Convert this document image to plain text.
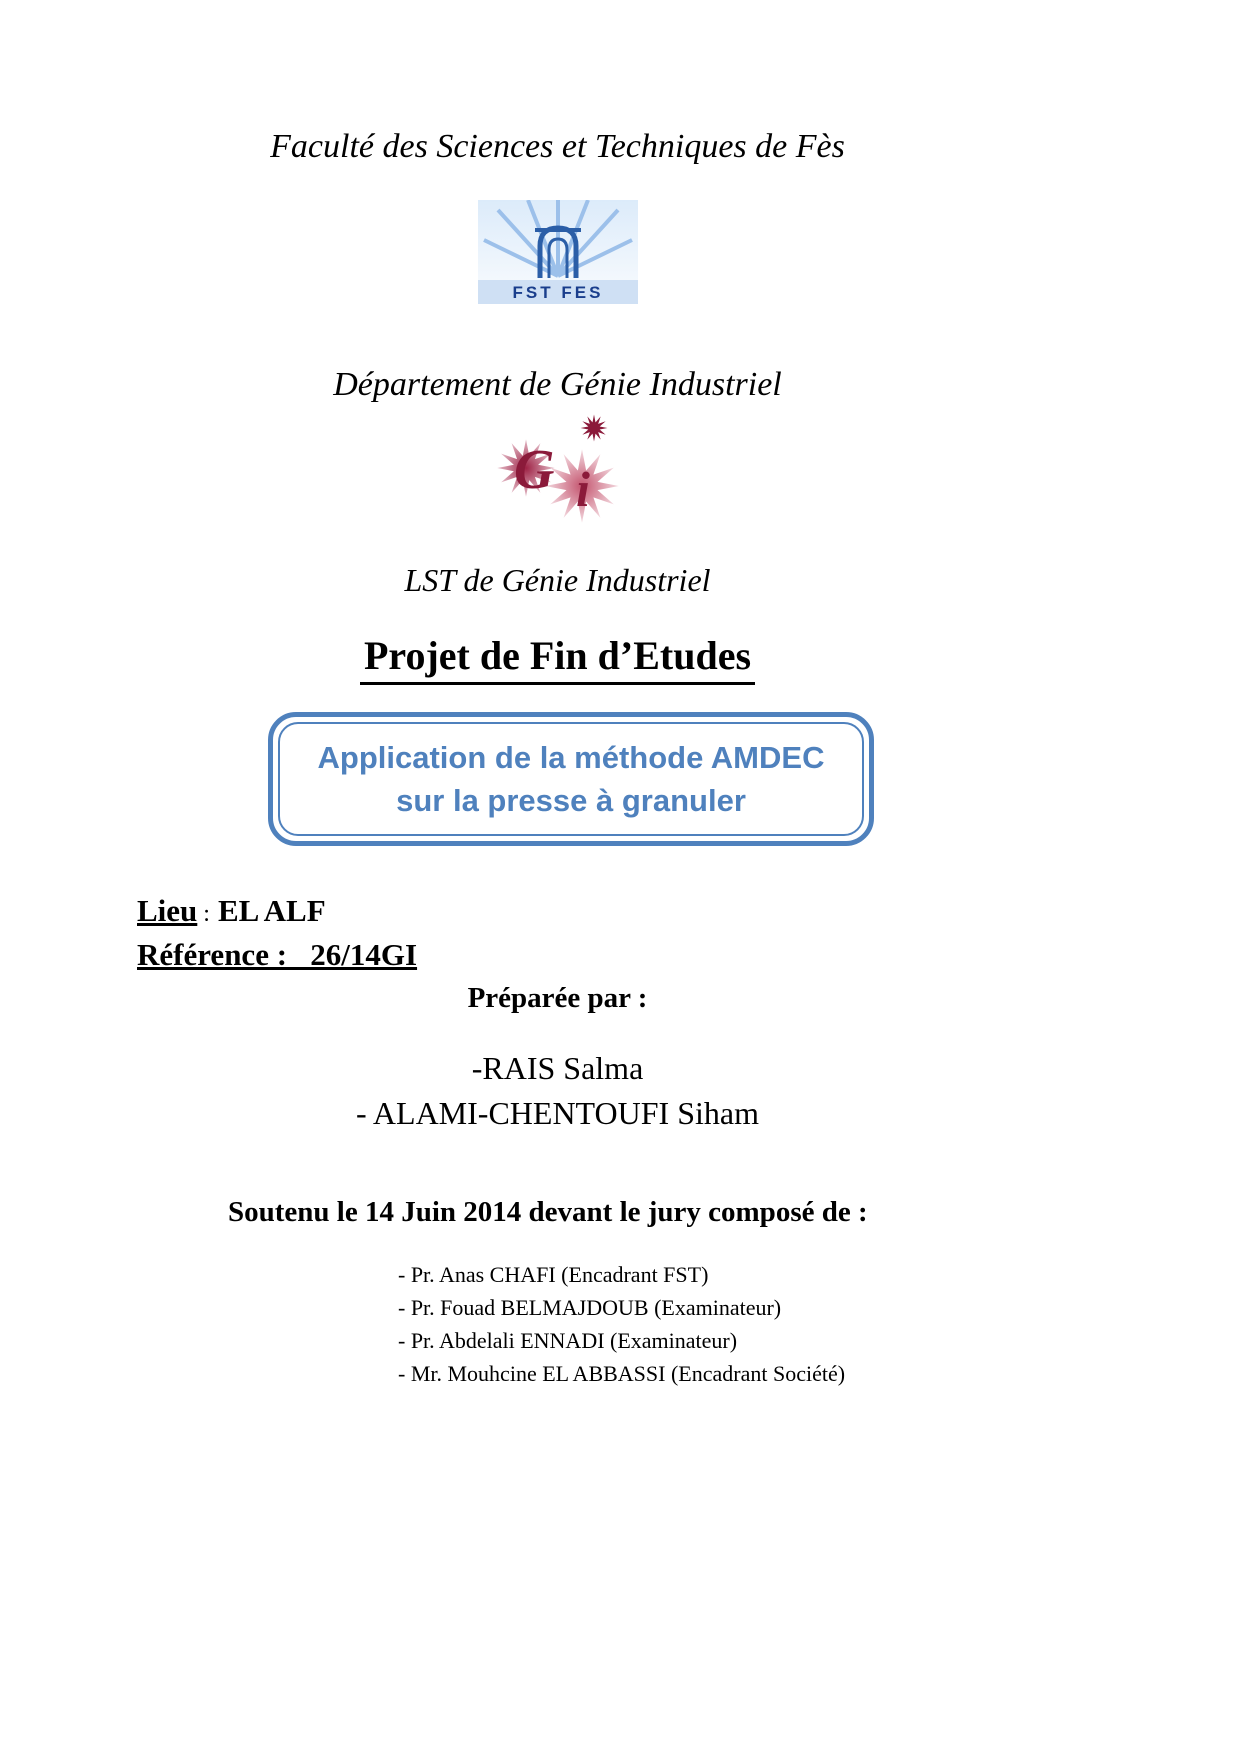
Faculté des Sciences et Techniques de Fès
FST FES
Département de Génie Industriel
G i
LST de Génie Industriel
Projet de Fin d’Etudes
Application de la méthode AMDEC
sur la presse à granuler
Lieu : EL ALF
Référence :   26/14GI
Préparée par :
-RAIS Salma
- ALAMI-CHENTOUFI Siham
Soutenu le 14 Juin 2014 devant le jury composé de :
- Pr. Anas CHAFI (Encadrant FST)
- Pr. Fouad BELMAJDOUB (Examinateur)
- Pr. Abdelali ENNADI (Examinateur)
- Mr. Mouhcine EL ABBASSI (Encadrant Société)
